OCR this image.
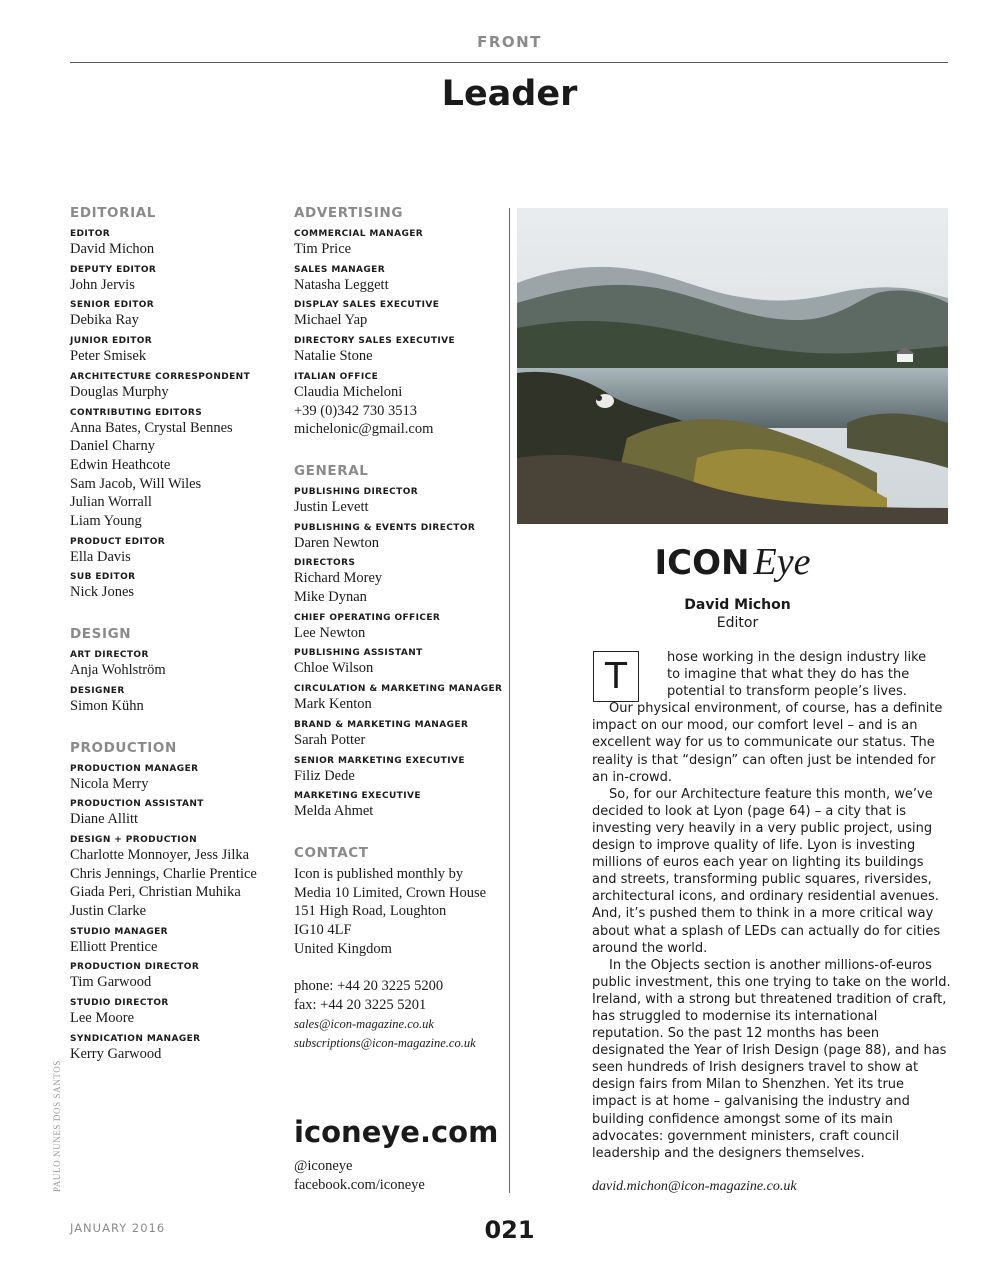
FRONT
Leader
EDITORIAL
EDITOR
David Michon
DEPUTY EDITOR
John Jervis
SENIOR EDITOR
Debika Ray
JUNIOR EDITOR
Peter Smisek
ARCHITECTURE CORRESPONDENT
Douglas Murphy
CONTRIBUTING EDITORS
Anna Bates, Crystal Bennes
Daniel Charny
Edwin Heathcote
Sam Jacob, Will Wiles
Julian Worrall
Liam Young
PRODUCT EDITOR
Ella Davis
SUB EDITOR
Nick Jones
DESIGN
ART DIRECTOR
Anja Wohlström
DESIGNER
Simon Kühn
PRODUCTION
PRODUCTION MANAGER
Nicola Merry
PRODUCTION ASSISTANT
Diane Allitt
DESIGN + PRODUCTION
Charlotte Monnoyer, Jess Jilka
Chris Jennings, Charlie Prentice
Giada Peri, Christian Muhika
Justin Clarke
STUDIO MANAGER
Elliott Prentice
PRODUCTION DIRECTOR
Tim Garwood
STUDIO DIRECTOR
Lee Moore
SYNDICATION MANAGER
Kerry Garwood
ADVERTISING
COMMERCIAL MANAGER
Tim Price
SALES MANAGER
Natasha Leggett
DISPLAY SALES EXECUTIVE
Michael Yap
DIRECTORY SALES EXECUTIVE
Natalie Stone
ITALIAN OFFICE
Claudia Micheloni
+39 (0)342 730 3513
michelonic@gmail.com
GENERAL
PUBLISHING DIRECTOR
Justin Levett
PUBLISHING & EVENTS DIRECTOR
Daren Newton
DIRECTORS
Richard Morey
Mike Dynan
CHIEF OPERATING OFFICER
Lee Newton
PUBLISHING ASSISTANT
Chloe Wilson
CIRCULATION & MARKETING MANAGER
Mark Kenton
BRAND & MARKETING MANAGER
Sarah Potter
SENIOR MARKETING EXECUTIVE
Filiz Dede
MARKETING EXECUTIVE
Melda Ahmet
CONTACT
Icon is published monthly by
Media 10 Limited, Crown House
151 High Road, Loughton
IG10 4LF
United Kingdom
phone: +44 20 3225 5200
fax: +44 20 3225 5201
sales@icon-magazine.co.uk
subscriptions@icon-magazine.co.uk
iconeye.com
@iconeye
facebook.com/iconeye
ICON Eye
David Michon
Editor
T	hose working in the design industry like
to imagine that what they do has the
potential to transform people’s lives.
Our physical environment, of course, has a definite impact on our mood, our comfort level – and is an excellent way for us to communicate our status. The reality is that “design” can often just be intended for an in-crowd.

So, for our Architecture feature this month, we’ve decided to look at Lyon (page 64) – a city that is investing very heavily in a very public project, using design to improve quality of life. Lyon is investing millions of euros each year on lighting its buildings and streets, transforming public squares, riversides, architectural icons, and ordinary residential avenues. And, it’s pushed them to think in a more critical way about what a splash of LEDs can actually do for cities around the world.

In the Objects section is another millions-of-euros public investment, this one trying to take on the world. Ireland, with a strong but threatened tradition of craft, has struggled to modernise its international reputation. So the past 12 months has been designated the Year of Irish Design (page 88), and has seen hundreds of Irish designers travel to show at design fairs from Milan to Shenzhen. Yet its true impact is at home – galvanising the industry and building confidence amongst some of its main advocates: government ministers, craft council leadership and the designers themselves.

david.michon@icon-magazine.co.uk
PAULO NUNES DOS SANTOS
JANUARY 2016	021
